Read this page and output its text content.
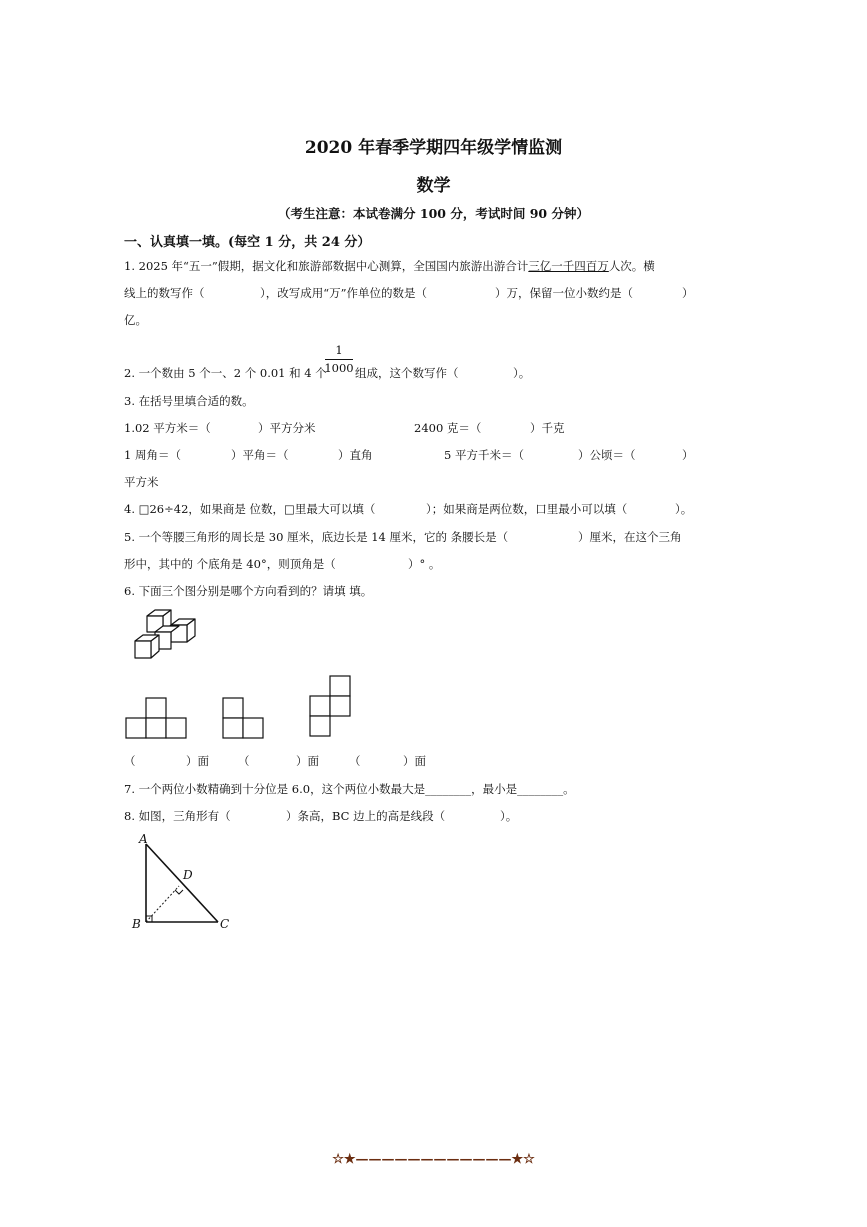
2020 年春季学期四年级学情监测
数学
（考生注意：本试卷满分 100 分，考试时间 90 分钟）
一、认真填一填。(每空 1 分，共 24 分）
1. 2025 年“五一”假期，据文化和旅游部数据中心测算，全国国内旅游出游合计三亿一千四百万人次。横
线上的数写作（	），改写成用“万”作单位的数是（	）万，保留一位小数约是（	）
亿。
2. 一个数由 5 个一、2 个 0.01 和 4 个
1
1000 组成，这个数写作（	）。
3. 在括号里填合适的数。
1.02 平方米＝（	）平方分米	2400 克＝（	）千克
1 周角＝（	）平角＝（	）直角	5 平方千米＝（	）公顷＝（	）
平方米
4. □26÷42，如果商是 位数，□里最大可以填（	）；如果商是两位数，口里最小可以填（	）。
5. 一个等腰三角形的周长是 30 厘米，底边长是 14 厘米，它的 条腰长是（	）厘米，在这个三角
形中，其中的 个底角是 40°，则顶角是（	）° 。
6. 下面三个图分别是哪个方向看到的？请填 填。
（	）面	（	）面	（	）面
7. 一个两位小数精确到十分位是 6.0，这个两位小数最大是________，最小是________。
8. 如图，三角形有（	）条高，BC 边上的高是线段（	）。
A
D
B	C
☆★————————————★☆
